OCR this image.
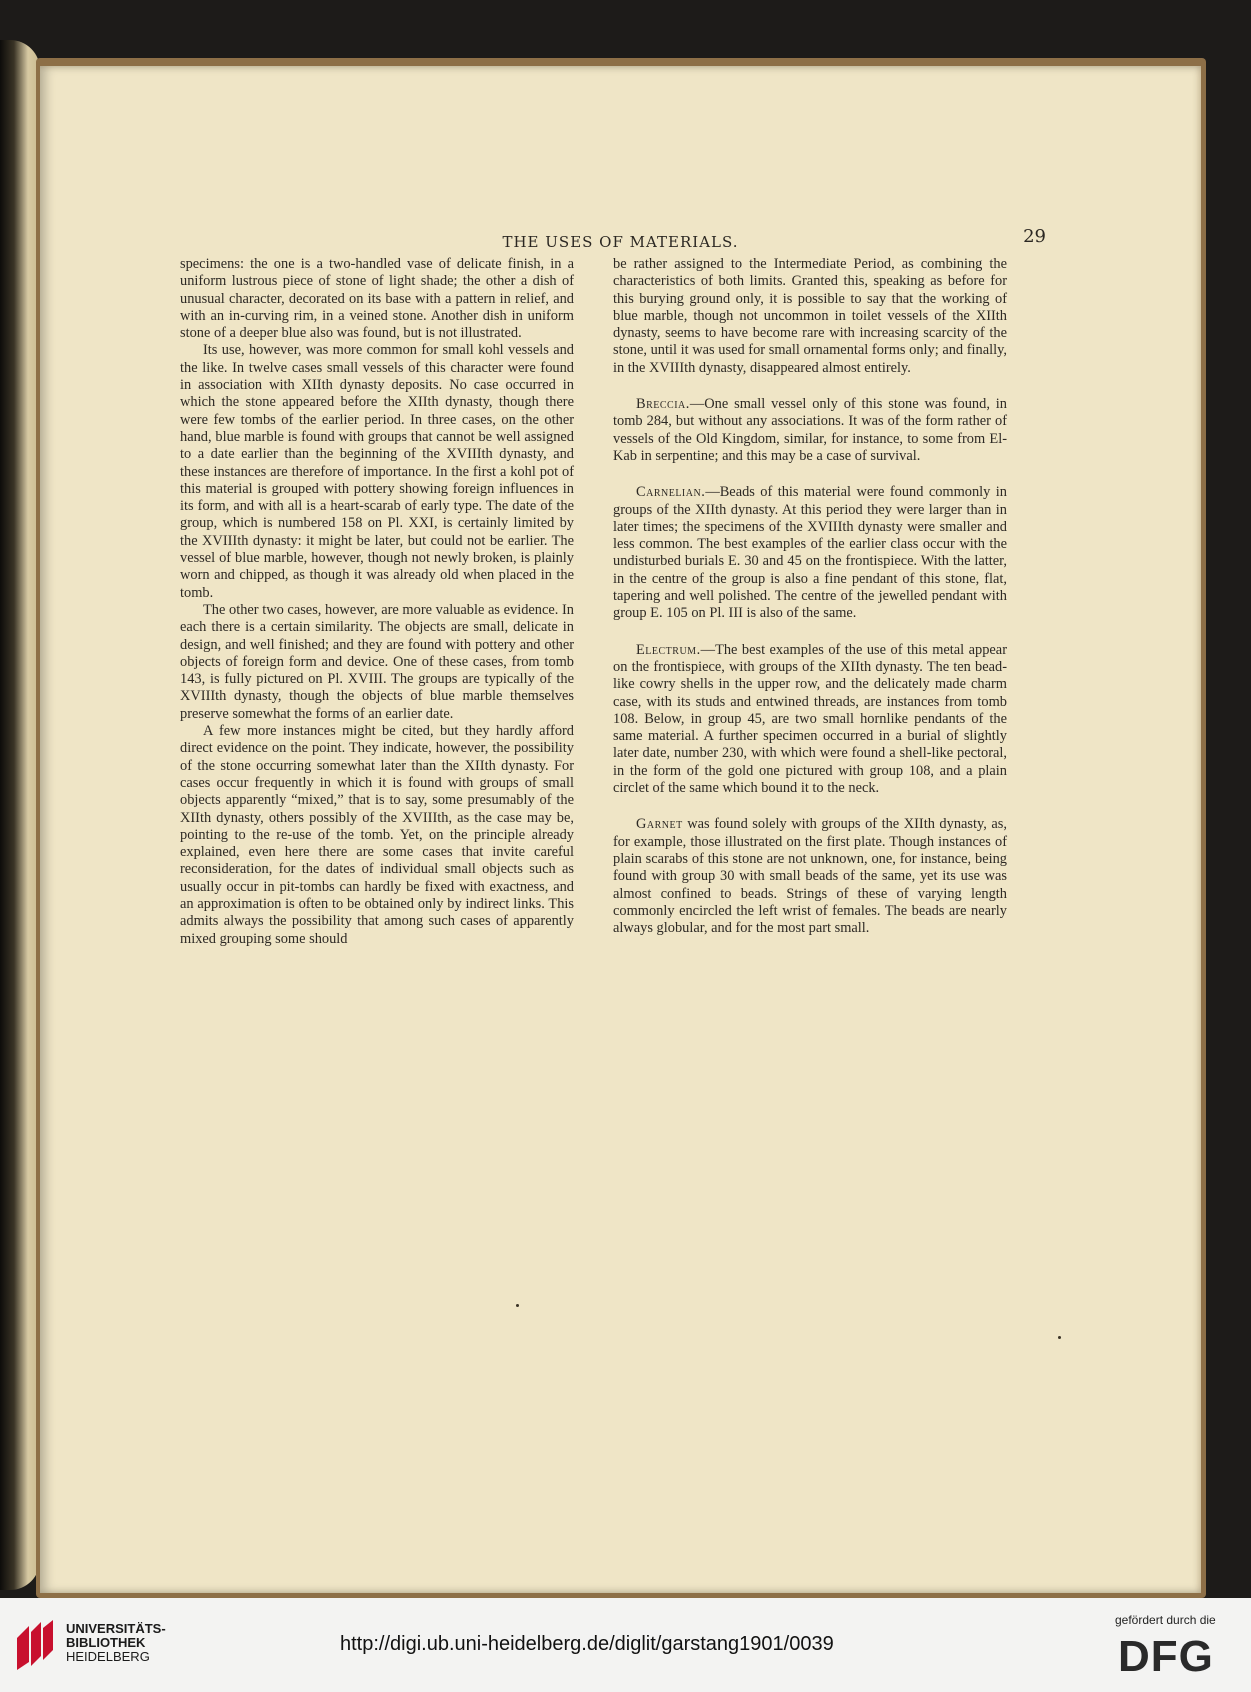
THE USES OF MATERIALS.	29

specimens: the one is a two-handled vase of delicate finish, in a uniform lustrous piece of stone of light shade; the other a dish of unusual character, decorated on its base with a pattern in relief, and with an in-curving rim, in a veined stone. Another dish in uniform stone of a deeper blue also was found, but is not illustrated.

Its use, however, was more common for small kohl vessels and the like. In twelve cases small vessels of this character were found in association with XIIth dynasty deposits. No case occurred in which the stone appeared before the XIIth dynasty, though there were few tombs of the earlier period. In three cases, on the other hand, blue marble is found with groups that cannot be well assigned to a date earlier than the beginning of the XVIIIth dynasty, and these instances are therefore of importance. In the first a kohl pot of this material is grouped with pottery showing foreign influences in its form, and with all is a heart-scarab of early type. The date of the group, which is numbered 158 on Pl. XXI, is certainly limited by the XVIIIth dynasty: it might be later, but could not be earlier. The vessel of blue marble, however, though not newly broken, is plainly worn and chipped, as though it was already old when placed in the tomb.

The other two cases, however, are more valuable as evidence. In each there is a certain similarity. The objects are small, delicate in design, and well finished; and they are found with pottery and other objects of foreign form and device. One of these cases, from tomb 143, is fully pictured on Pl. XVIII. The groups are typically of the XVIIIth dynasty, though the objects of blue marble themselves preserve somewhat the forms of an earlier date.

A few more instances might be cited, but they hardly afford direct evidence on the point. They indicate, however, the possibility of the stone occurring somewhat later than the XIIth dynasty. For cases occur frequently in which it is found with groups of small objects apparently “mixed,” that is to say, some presumably of the XIIth dynasty, others possibly of the XVIIIth, as the case may be, pointing to the re-use of the tomb. Yet, on the principle already explained, even here there are some cases that invite careful reconsideration, for the dates of individual small objects such as usually occur in pit-tombs can hardly be fixed with exactness, and an approximation is often to be obtained only by indirect links. This admits always the possibility that among such cases of apparently mixed grouping some should

be rather assigned to the Intermediate Period, as combining the characteristics of both limits. Granted this, speaking as before for this burying ground only, it is possible to say that the working of blue marble, though not uncommon in toilet vessels of the XIIth dynasty, seems to have become rare with increasing scarcity of the stone, until it was used for small ornamental forms only; and finally, in the XVIIIth dynasty, disappeared almost entirely.

Breccia.—One small vessel only of this stone was found, in tomb 284, but without any associations. It was of the form rather of vessels of the Old Kingdom, similar, for instance, to some from El-Kab in serpentine; and this may be a case of survival.

Carnelian.—Beads of this material were found commonly in groups of the XIIth dynasty. At this period they were larger than in later times; the specimens of the XVIIIth dynasty were smaller and less common. The best examples of the earlier class occur with the undisturbed burials E. 30 and 45 on the frontispiece. With the latter, in the centre of the group is also a fine pendant of this stone, flat, tapering and well polished. The centre of the jewelled pendant with group E. 105 on Pl. III is also of the same.

Electrum.—The best examples of the use of this metal appear on the frontispiece, with groups of the XIIth dynasty. The ten bead-like cowry shells in the upper row, and the delicately made charm case, with its studs and entwined threads, are instances from tomb 108. Below, in group 45, are two small hornlike pendants of the same material. A further specimen occurred in a burial of slightly later date, number 230, with which were found a shell-like pectoral, in the form of the gold one pictured with group 108, and a plain circlet of the same which bound it to the neck.

Garnet was found solely with groups of the XIIth dynasty, as, for example, those illustrated on the first plate. Though instances of plain scarabs of this stone are not unknown, one, for instance, being found with group 30 with small beads of the same, yet its use was almost confined to beads. Strings of these of varying length commonly encircled the left wrist of females. The beads are nearly always globular, and for the most part small.

UNIVERSITÄTS-
BIBLIOTHEK
HEIDELBERG
http://digi.ub.uni-heidelberg.de/diglit/garstang1901/0039
gefördert durch die
DFG
